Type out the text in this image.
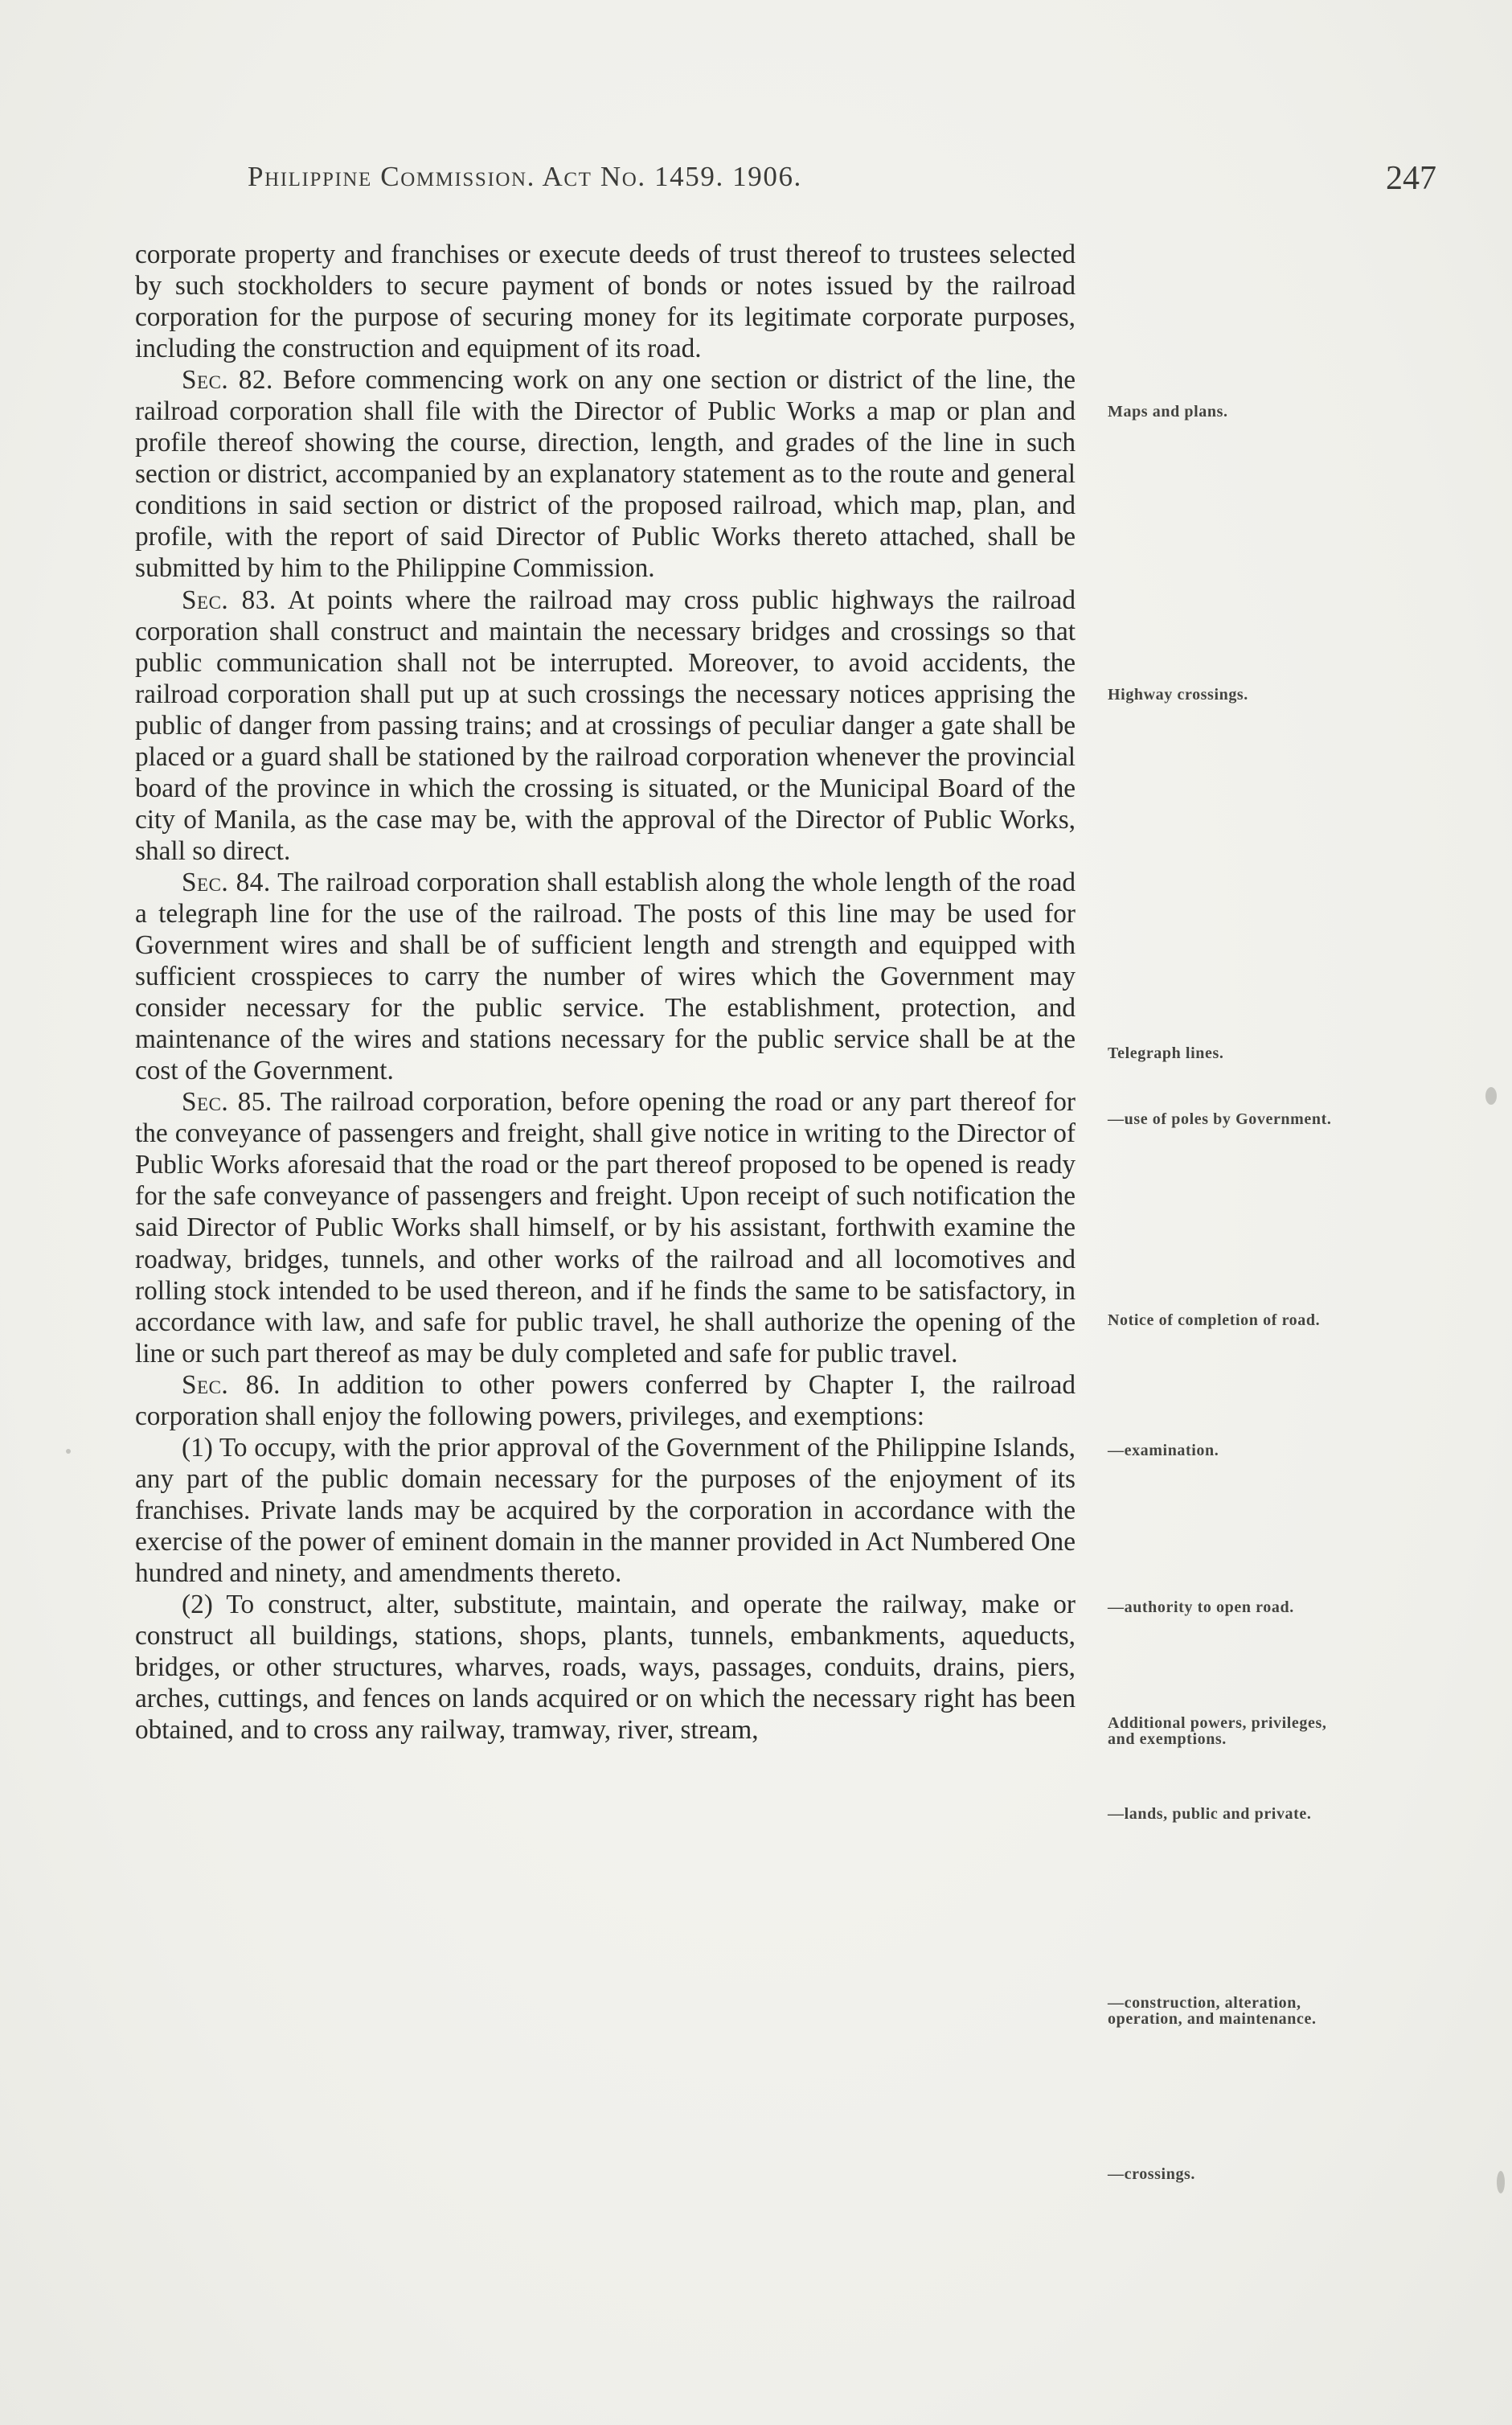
Philippine Commission. Act No. 1459. 1906.	247

corporate property and franchises or execute deeds of trust thereof to trustees selected by such stockholders to secure payment of bonds or notes issued by the railroad corporation for the purpose of securing money for its legitimate corporate purposes, including the construction and equipment of its road.

Sec. 82. Before commencing work on any one section or district of the line, the railroad corporation shall file with the Director of Public Works a map or plan and profile thereof showing the course, direction, length, and grades of the line in such section or district, accompanied by an explanatory statement as to the route and general conditions in said section or district of the proposed railroad, which map, plan, and profile, with the report of said Director of Public Works thereto attached, shall be submitted by him to the Philippine Commission.

Sec. 83. At points where the railroad may cross public highways the railroad corporation shall construct and maintain the necessary bridges and crossings so that public communication shall not be interrupted. Moreover, to avoid accidents, the railroad corporation shall put up at such crossings the necessary notices apprising the public of danger from passing trains; and at crossings of peculiar danger a gate shall be placed or a guard shall be stationed by the railroad corporation whenever the provincial board of the province in which the crossing is situated, or the Municipal Board of the city of Manila, as the case may be, with the approval of the Director of Public Works, shall so direct.

Sec. 84. The railroad corporation shall establish along the whole length of the road a telegraph line for the use of the railroad. The posts of this line may be used for Government wires and shall be of sufficient length and strength and equipped with sufficient crosspieces to carry the number of wires which the Government may consider necessary for the public service. The establishment, protection, and maintenance of the wires and stations necessary for the public service shall be at the cost of the Government.

Sec. 85. The railroad corporation, before opening the road or any part thereof for the conveyance of passengers and freight, shall give notice in writing to the Director of Public Works aforesaid that the road or the part thereof proposed to be opened is ready for the safe conveyance of passengers and freight. Upon receipt of such notification the said Director of Public Works shall himself, or by his assistant, forthwith examine the roadway, bridges, tunnels, and other works of the railroad and all locomotives and rolling stock intended to be used thereon, and if he finds the same to be satisfactory, in accordance with law, and safe for public travel, he shall authorize the opening of the line or such part thereof as may be duly completed and safe for public travel.

Sec. 86. In addition to other powers conferred by Chapter I, the railroad corporation shall enjoy the following powers, privileges, and exemptions:

(1) To occupy, with the prior approval of the Government of the Philippine Islands, any part of the public domain necessary for the purposes of the enjoyment of its franchises. Private lands may be acquired by the corporation in accordance with the exercise of the power of eminent domain in the manner provided in Act Numbered One hundred and ninety, and amendments thereto.

(2) To construct, alter, substitute, maintain, and operate the railway, make or construct all buildings, stations, shops, plants, tunnels, embankments, aqueducts, bridges, or other structures, wharves, roads, ways, passages, conduits, drains, piers, arches, cuttings, and fences on lands acquired or on which the necessary right has been obtained, and to cross any railway, tramway, river, stream,

Maps and plans.
Highway crossings.
Telegraph lines.
—use of poles by Government.
Notice of completion of road.
—examination.
—authority to open road.
Additional powers, privileges, and exemptions.
—lands, public and private.
—construction, alteration, operation, and maintenance.
—crossings.
